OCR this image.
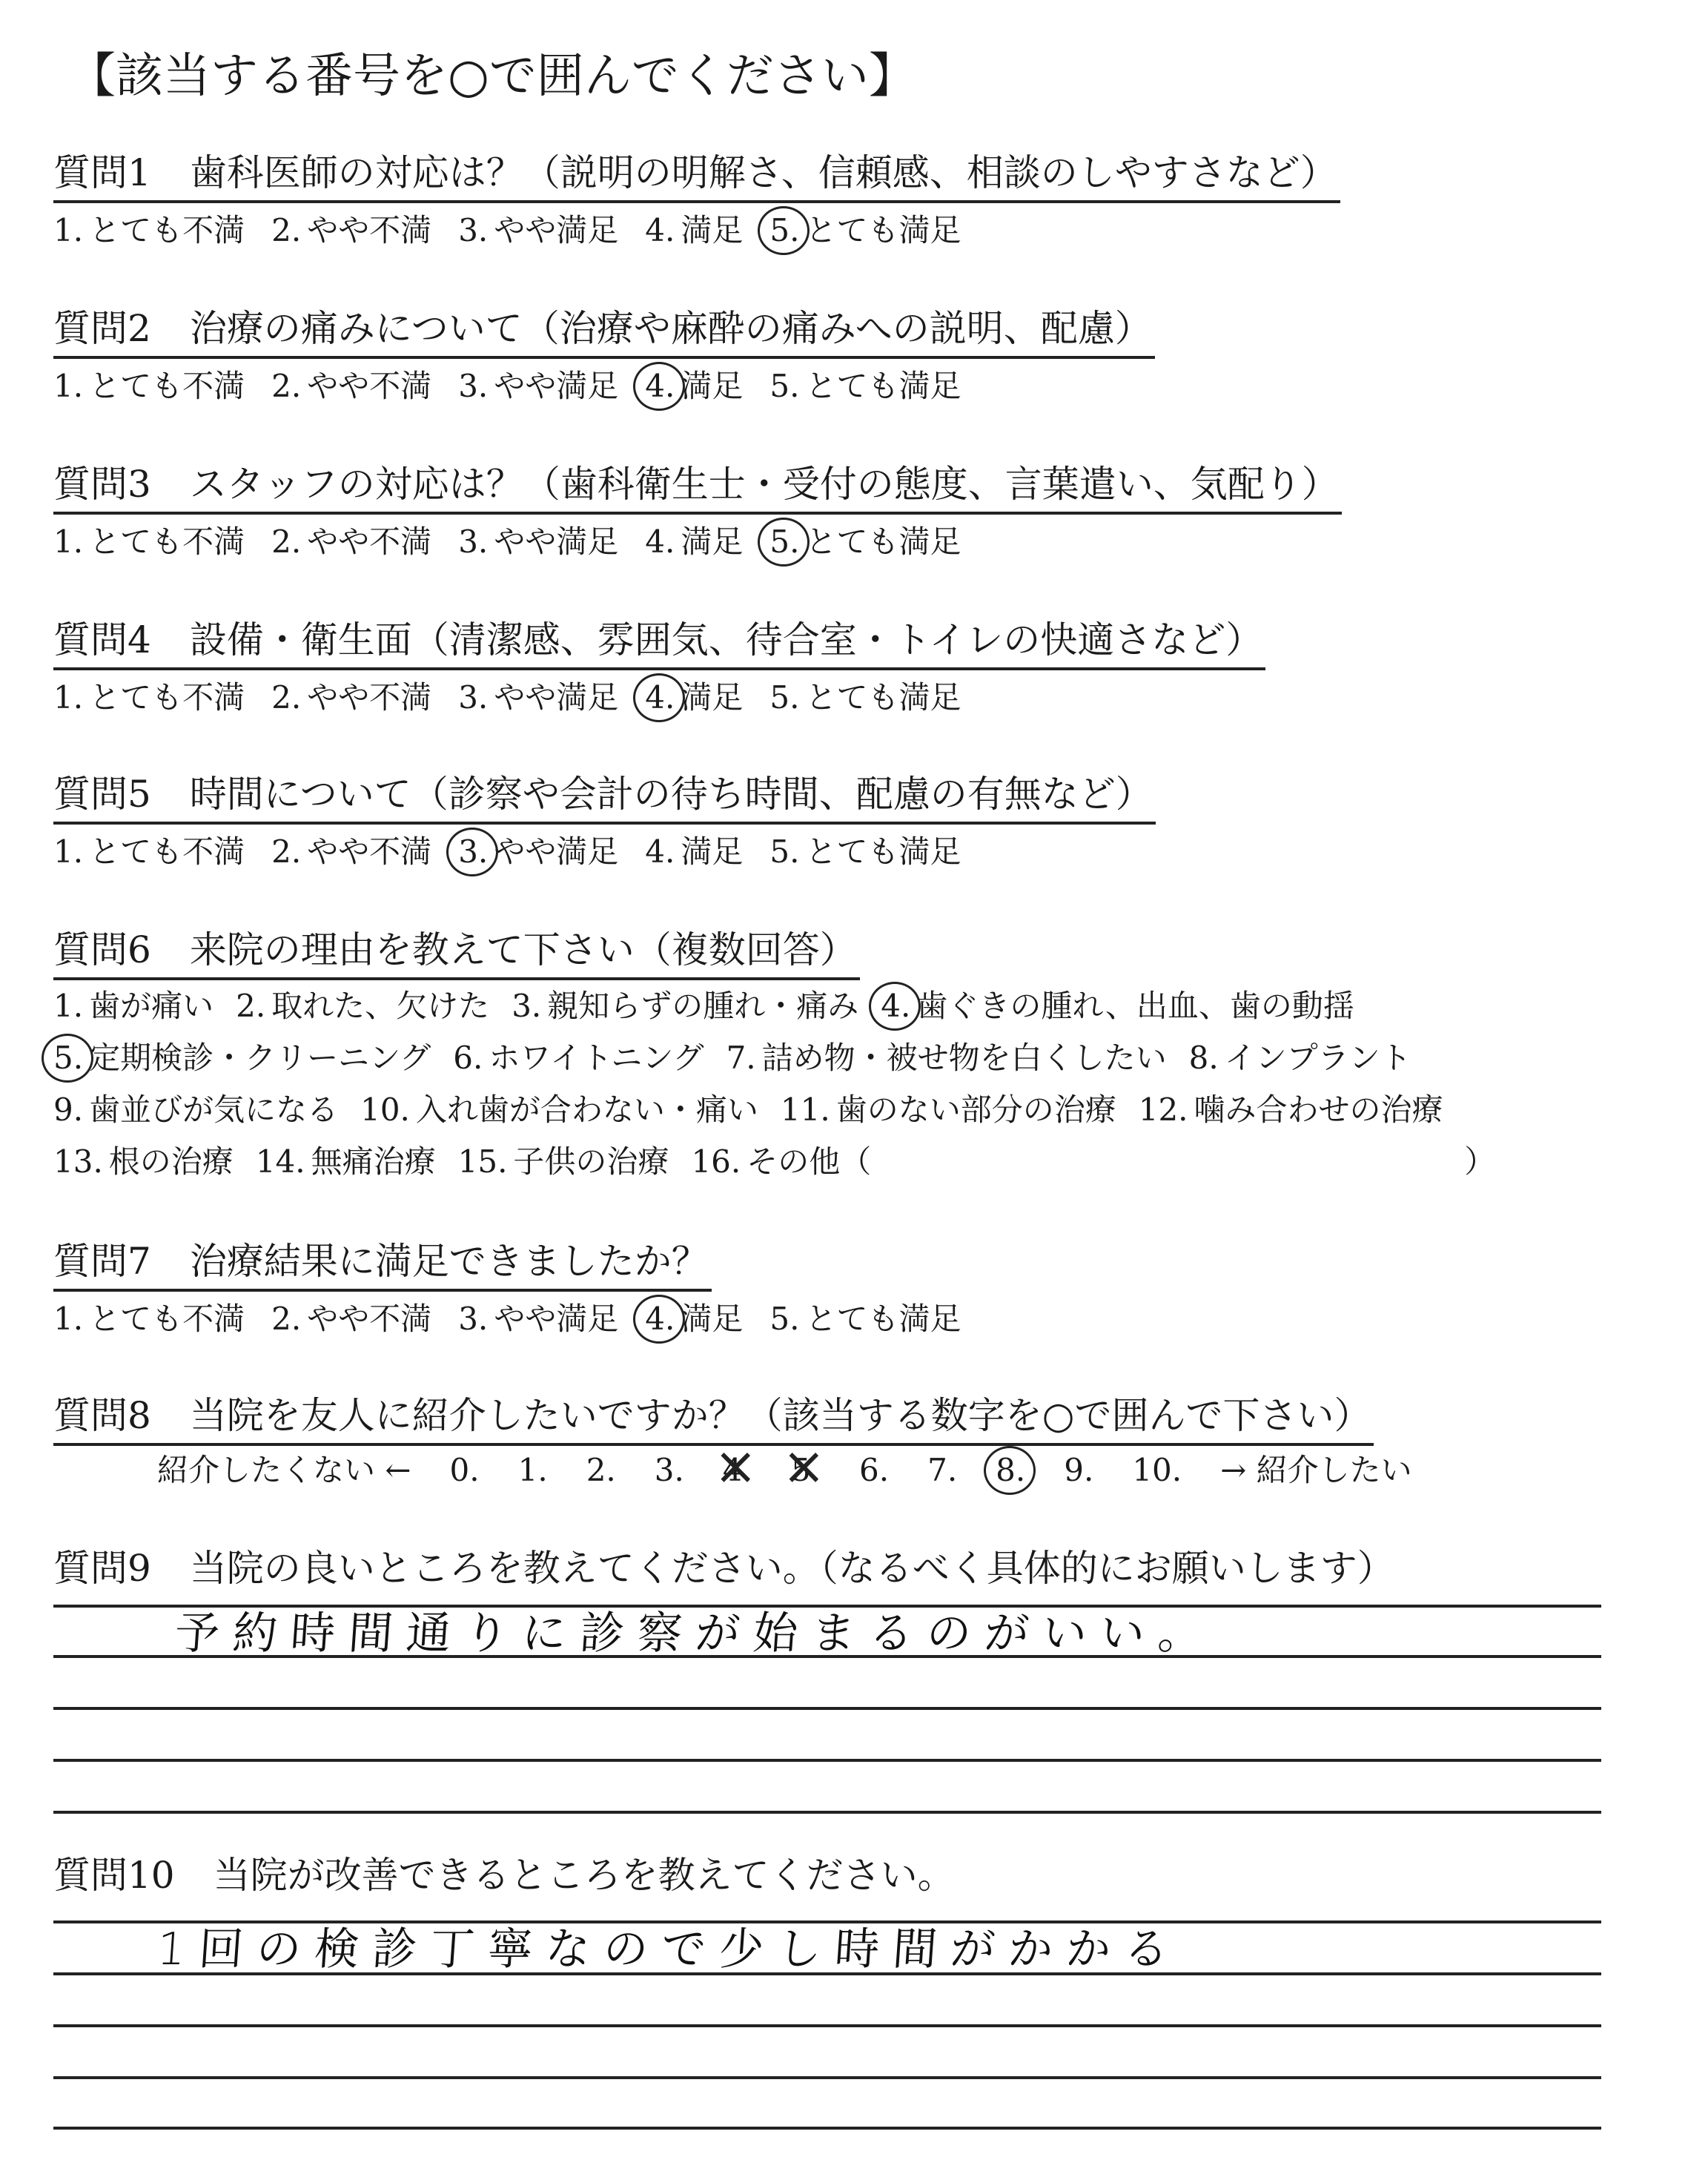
【該当する番号を○で囲んでください】
質問1 歯科医師の対応は？（説明の明解さ、信頼感、相談のしやすさなど）
1. とても不満 2. やや不満 3. やや満足 4. 満足 5. とても満足
質問2 治療の痛みについて（治療や麻酔の痛みへの説明、配慮）
1. とても不満 2. やや不満 3. やや満足 4. 満足 5. とても満足
質問3 スタッフの対応は？（歯科衛生士・受付の態度、言葉遣い、気配り）
1. とても不満 2. やや不満 3. やや満足 4. 満足 5. とても満足
質問4 設備・衛生面（清潔感、雰囲気、待合室・トイレの快適さなど）
1. とても不満 2. やや不満 3. やや満足 4. 満足 5. とても満足
質問5 時間について（診察や会計の待ち時間、配慮の有無など）
1. とても不満 2. やや不満 3. やや満足 4. 満足 5. とても満足
質問6 来院の理由を教えて下さい（複数回答）
1. 歯が痛い 2. 取れた、欠けた 3. 親知らずの腫れ・痛み 4. 歯ぐきの腫れ、出血、歯の動揺
5. 定期検診・クリーニング 6. ホワイトニング 7. 詰め物・被せ物を白くしたい 8. インプラント
9. 歯並びが気になる 10. 入れ歯が合わない・痛い 11. 歯のない部分の治療 12. 噛み合わせの治療
13. 根の治療 14. 無痛治療 15. 子供の治療 16. その他（	）
質問7 治療結果に満足できましたか？
1. とても不満 2. やや不満 3. やや満足 4. 満足 5. とても満足
質問8 当院を友人に紹介したいですか？（該当する数字を○で囲んで下さい）
紹介したくない ← 0. 1. 2. 3. × 4. × 5. 6. 7. 8. 9. 10. → 紹介したい
質問9 当院の良いところを教えてください。（なるべく具体的にお願いします）
予約時間通りに診察が始まるのがいい。
質問10 当院が改善できるところを教えてください。
1回の検診丁寧なので少し時間がかかる
